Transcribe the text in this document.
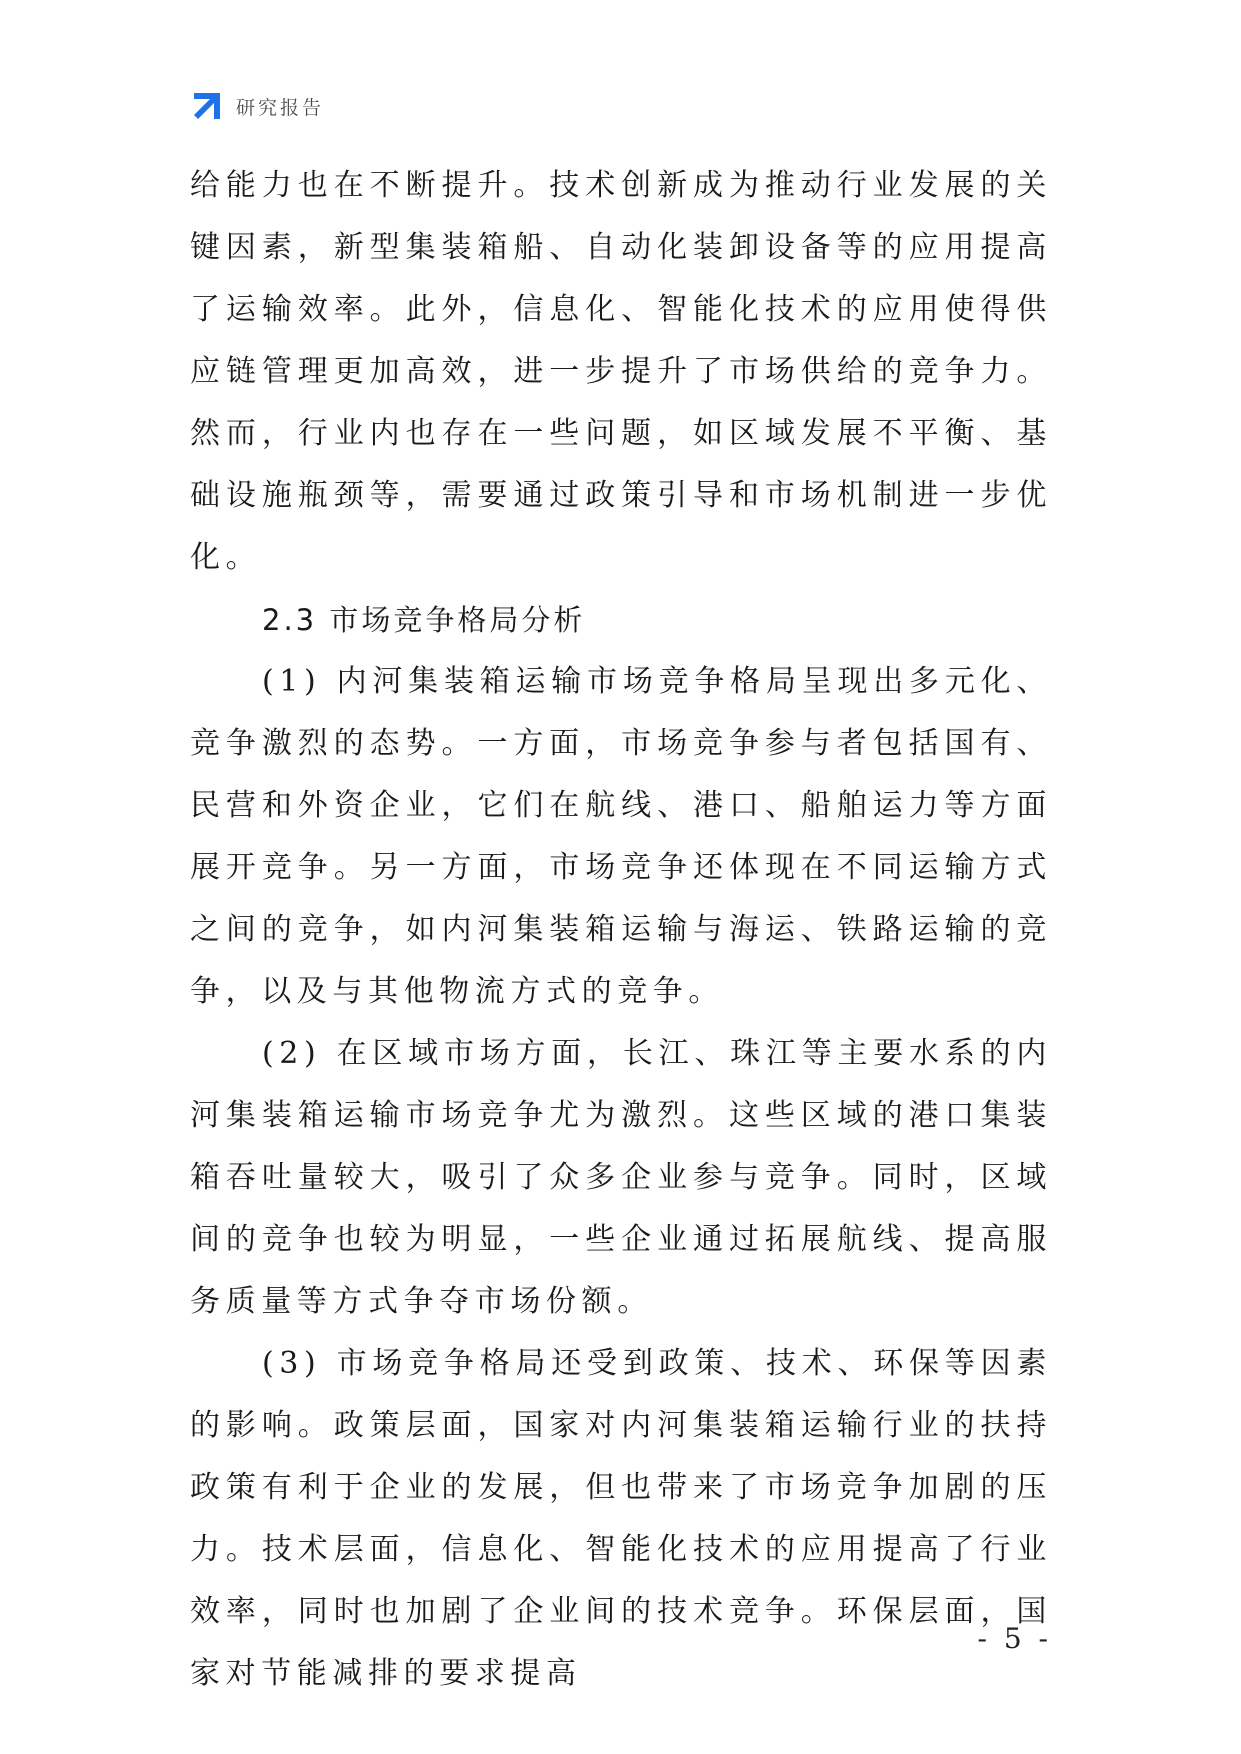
研究报告

给能力也在不断提升。技术创新成为推动行业发展的关键因素，新型集装箱船、自动化装卸设备等的应用提高了运输效率。此外，信息化、智能化技术的应用使得供应链管理更加高效，进一步提升了市场供给的竞争力。然而，行业内也存在一些问题，如区域发展不平衡、基础设施瓶颈等，需要通过政策引导和市场机制进一步优化。

2.3 市场竞争格局分析

(1) 内河集装箱运输市场竞争格局呈现出多元化、竞争激烈的态势。一方面，市场竞争参与者包括国有、民营和外资企业，它们在航线、港口、船舶运力等方面展开竞争。另一方面，市场竞争还体现在不同运输方式之间的竞争，如内河集装箱运输与海运、铁路运输的竞争，以及与其他物流方式的竞争。

(2) 在区域市场方面，长江、珠江等主要水系的内河集装箱运输市场竞争尤为激烈。这些区域的港口集装箱吞吐量较大，吸引了众多企业参与竞争。同时，区域间的竞争也较为明显，一些企业通过拓展航线、提高服务质量等方式争夺市场份额。

(3) 市场竞争格局还受到政策、技术、环保等因素的影响。政策层面，国家对内河集装箱运输行业的扶持政策有利于企业的发展，但也带来了市场竞争加剧的压力。技术层面，信息化、智能化技术的应用提高了行业效率，同时也加剧了企业间的技术竞争。环保层面，国家对节能减排的要求提高

- 5 -
